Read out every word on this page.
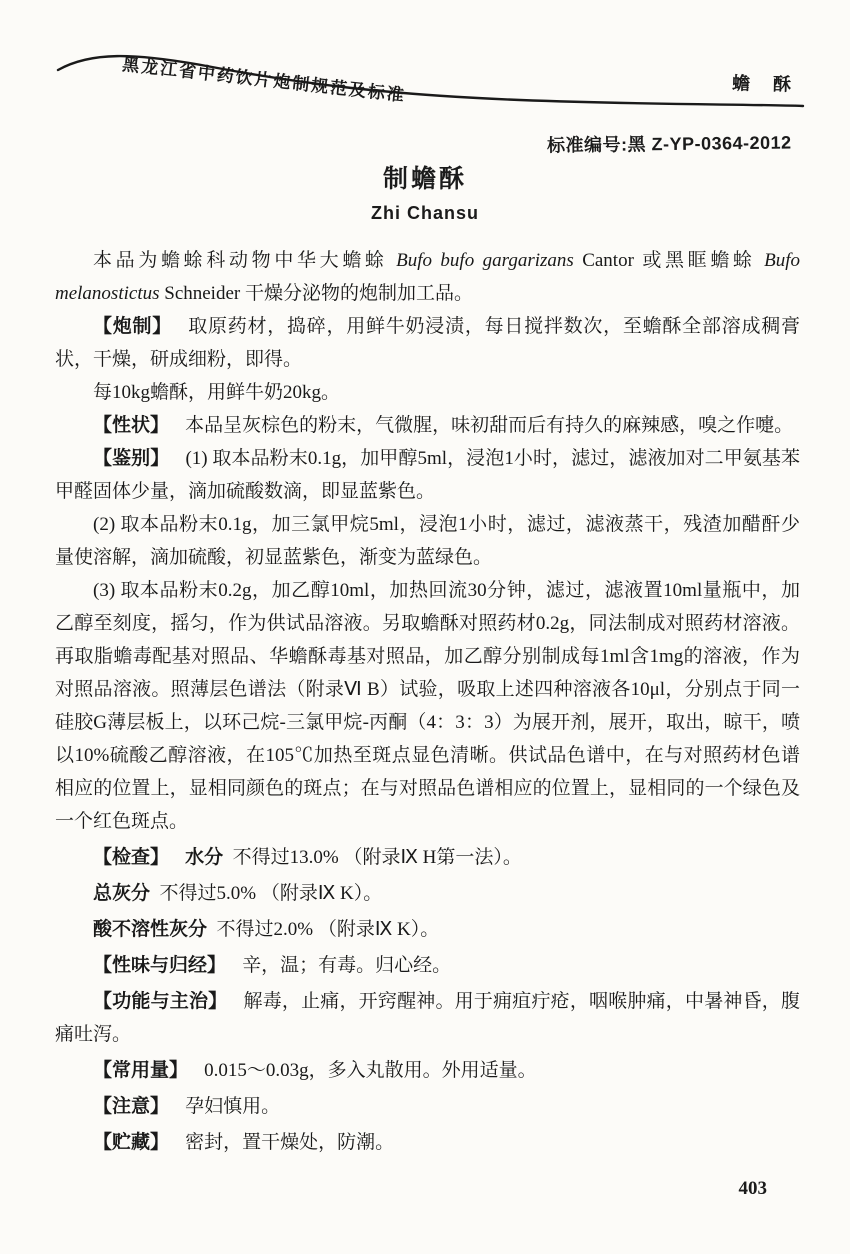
黑龙江省中药饮片炮制规范及标准	蟾 酥
标准编号:黑 Z-YP-0364-2012
制蟾酥
Zhi Chansu

本品为蟾蜍科动物中华大蟾蜍 Bufo bufo gargarizans Cantor 或黑眶蟾蜍 Bufo melanostictus Schneider 干燥分泌物的炮制加工品。

【炮制】 取原药材，捣碎，用鲜牛奶浸渍，每日搅拌数次，至蟾酥全部溶成稠膏状，干燥，研成细粉，即得。

每10kg蟾酥，用鲜牛奶20kg。

【性状】 本品呈灰棕色的粉末，气微腥，味初甜而后有持久的麻辣感，嗅之作嚏。

【鉴别】 (1) 取本品粉末0.1g，加甲醇5ml，浸泡1小时，滤过，滤液加对二甲氨基苯甲醛固体少量，滴加硫酸数滴，即显蓝紫色。

(2) 取本品粉末0.1g，加三氯甲烷5ml，浸泡1小时，滤过，滤液蒸干，残渣加醋酐少量使溶解，滴加硫酸，初显蓝紫色，渐变为蓝绿色。

(3) 取本品粉末0.2g，加乙醇10ml，加热回流30分钟，滤过，滤液置10ml量瓶中，加乙醇至刻度，摇匀，作为供试品溶液。另取蟾酥对照药材0.2g，同法制成对照药材溶液。再取脂蟾毒配基对照品、华蟾酥毒基对照品，加乙醇分别制成每1ml含1mg的溶液，作为对照品溶液。照薄层色谱法（附录Ⅵ B）试验，吸取上述四种溶液各10μl，分别点于同一硅胶G薄层板上，以环己烷-三氯甲烷-丙酮（4：3：3）为展开剂，展开，取出，晾干，喷以10%硫酸乙醇溶液，在105℃加热至斑点显色清晰。供试品色谱中，在与对照药材色谱相应的位置上，显相同颜色的斑点；在与对照品色谱相应的位置上，显相同的一个绿色及一个红色斑点。

【检查】 水分 不得过13.0% （附录Ⅸ H第一法）。

总灰分 不得过5.0% （附录Ⅸ K）。

酸不溶性灰分 不得过2.0% （附录Ⅸ K）。

【性味与归经】 辛，温；有毒。归心经。

【功能与主治】 解毒，止痛，开窍醒神。用于痈疽疔疮，咽喉肿痛，中暑神昏，腹痛吐泻。

【常用量】 0.015～0.03g，多入丸散用。外用适量。

【注意】 孕妇慎用。

【贮藏】 密封，置干燥处，防潮。

403
